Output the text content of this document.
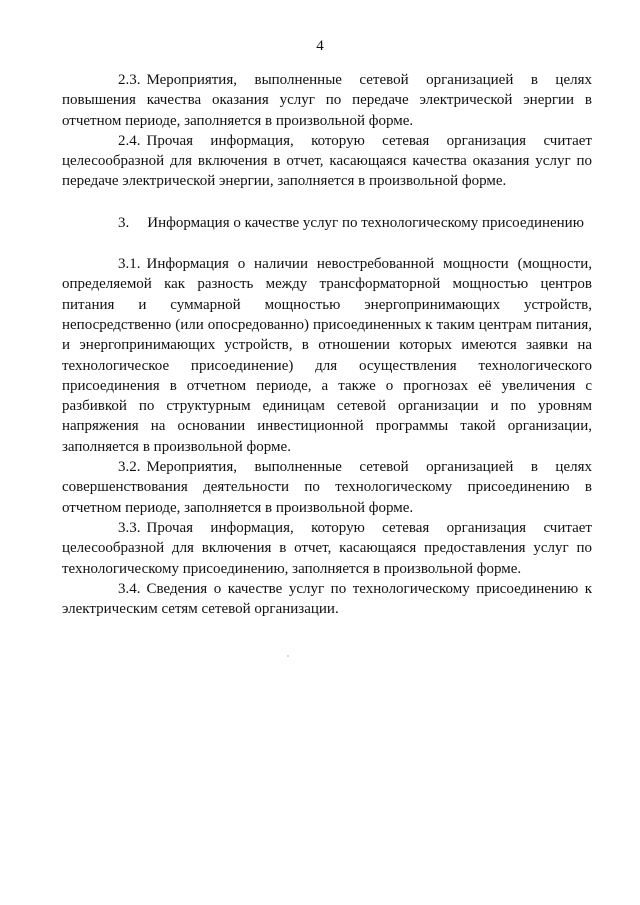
4

2.3. Мероприятия, выполненные сетевой организацией в целях повышения качества оказания услуг по передаче электрической энергии в отчетном периоде, заполняется в произвольной форме.

2.4. Прочая информация, которую сетевая организация считает целесообразной для включения в отчет, касающаяся качества оказания услуг по передаче электрической энергии, заполняется в произвольной форме.

3. Информация о качестве услуг по технологическому присоединению

3.1. Информация о наличии невостребованной мощности (мощности, определяемой как разность между трансформаторной мощностью центров питания и суммарной мощностью энергопринимающих устройств, непосредственно (или опосредованно) присоединенных к таким центрам питания, и энергопринимающих устройств, в отношении которых имеются заявки на технологическое присоединение) для осуществления технологического присоединения в отчетном периоде, а также о прогнозах её увеличения с разбивкой по структурным единицам сетевой организации и по уровням напряжения на основании инвестиционной программы такой организации, заполняется в произвольной форме.

3.2. Мероприятия, выполненные сетевой организацией в целях совершенствования деятельности по технологическому присоединению в отчетном периоде, заполняется в произвольной форме.

3.3. Прочая информация, которую сетевая организация считает целесообразной для включения в отчет, касающаяся предоставления услуг по технологическому присоединению, заполняется в произвольной форме.

3.4. Сведения о качестве услуг по технологическому присоединению к электрическим сетям сетевой организации.
